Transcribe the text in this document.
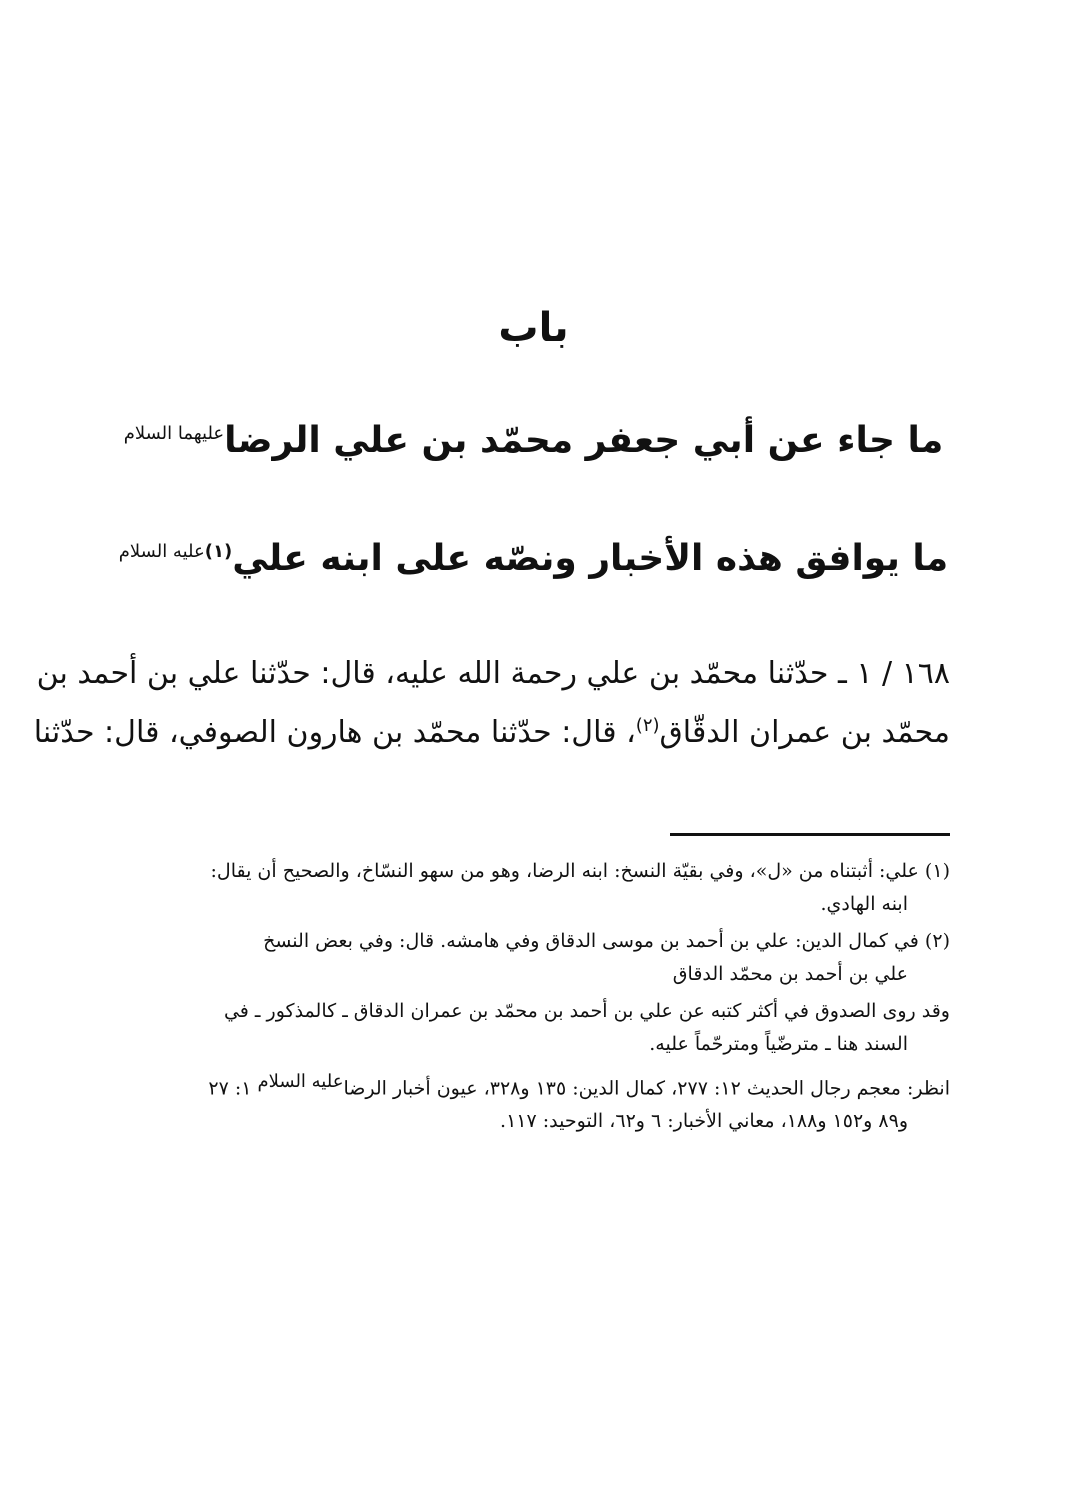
باب
ما جاء عن أبي جعفر محمّد بن علي الرضا$^{عليهما السلام}$
ما يوافق هذه الأخبار ونصّه على ابنه علي$^{(١)عليه السلام}$
١٦٨ / ١ ـ حدّثنا محمّد بن علي رحمة الله عليه، قال: حدّثنا علي بن أحمد بن
محمّد بن عمران الدقّاق$^{(٢)}$، قال: حدّثنا محمّد بن هارون الصوفي، قال: حدّثنا
(١) علي: أثبتناه من «ل»، وفي بقيّة النسخ: ابنه الرضا، وهو من سهو النسّاخ، والصحيح أن يقال:
ابنه الهادي.
(٢) في كمال الدين: علي بن أحمد بن موسى الدقاق وفي هامشه. قال: وفي بعض النسخ
علي بن أحمد بن محمّد الدقاق
وقد روى الصدوق في أكثر كتبه عن علي بن أحمد بن محمّد بن عمران الدقاق ـ كالمذكور ـ في
السند هنا ـ مترضّياً ومترحّماً عليه.
انظر: معجم رجال الحديث ١٢: ٢٧٧، كمال الدين: ١٣٥ و٣٢٨، عيون أخبار الرضاعليه السلام ١: ٢٧
و٨٩ و١٥٢ و١٨٨، معاني الأخبار: ٦ و٦٢، التوحيد: ١١٧.
